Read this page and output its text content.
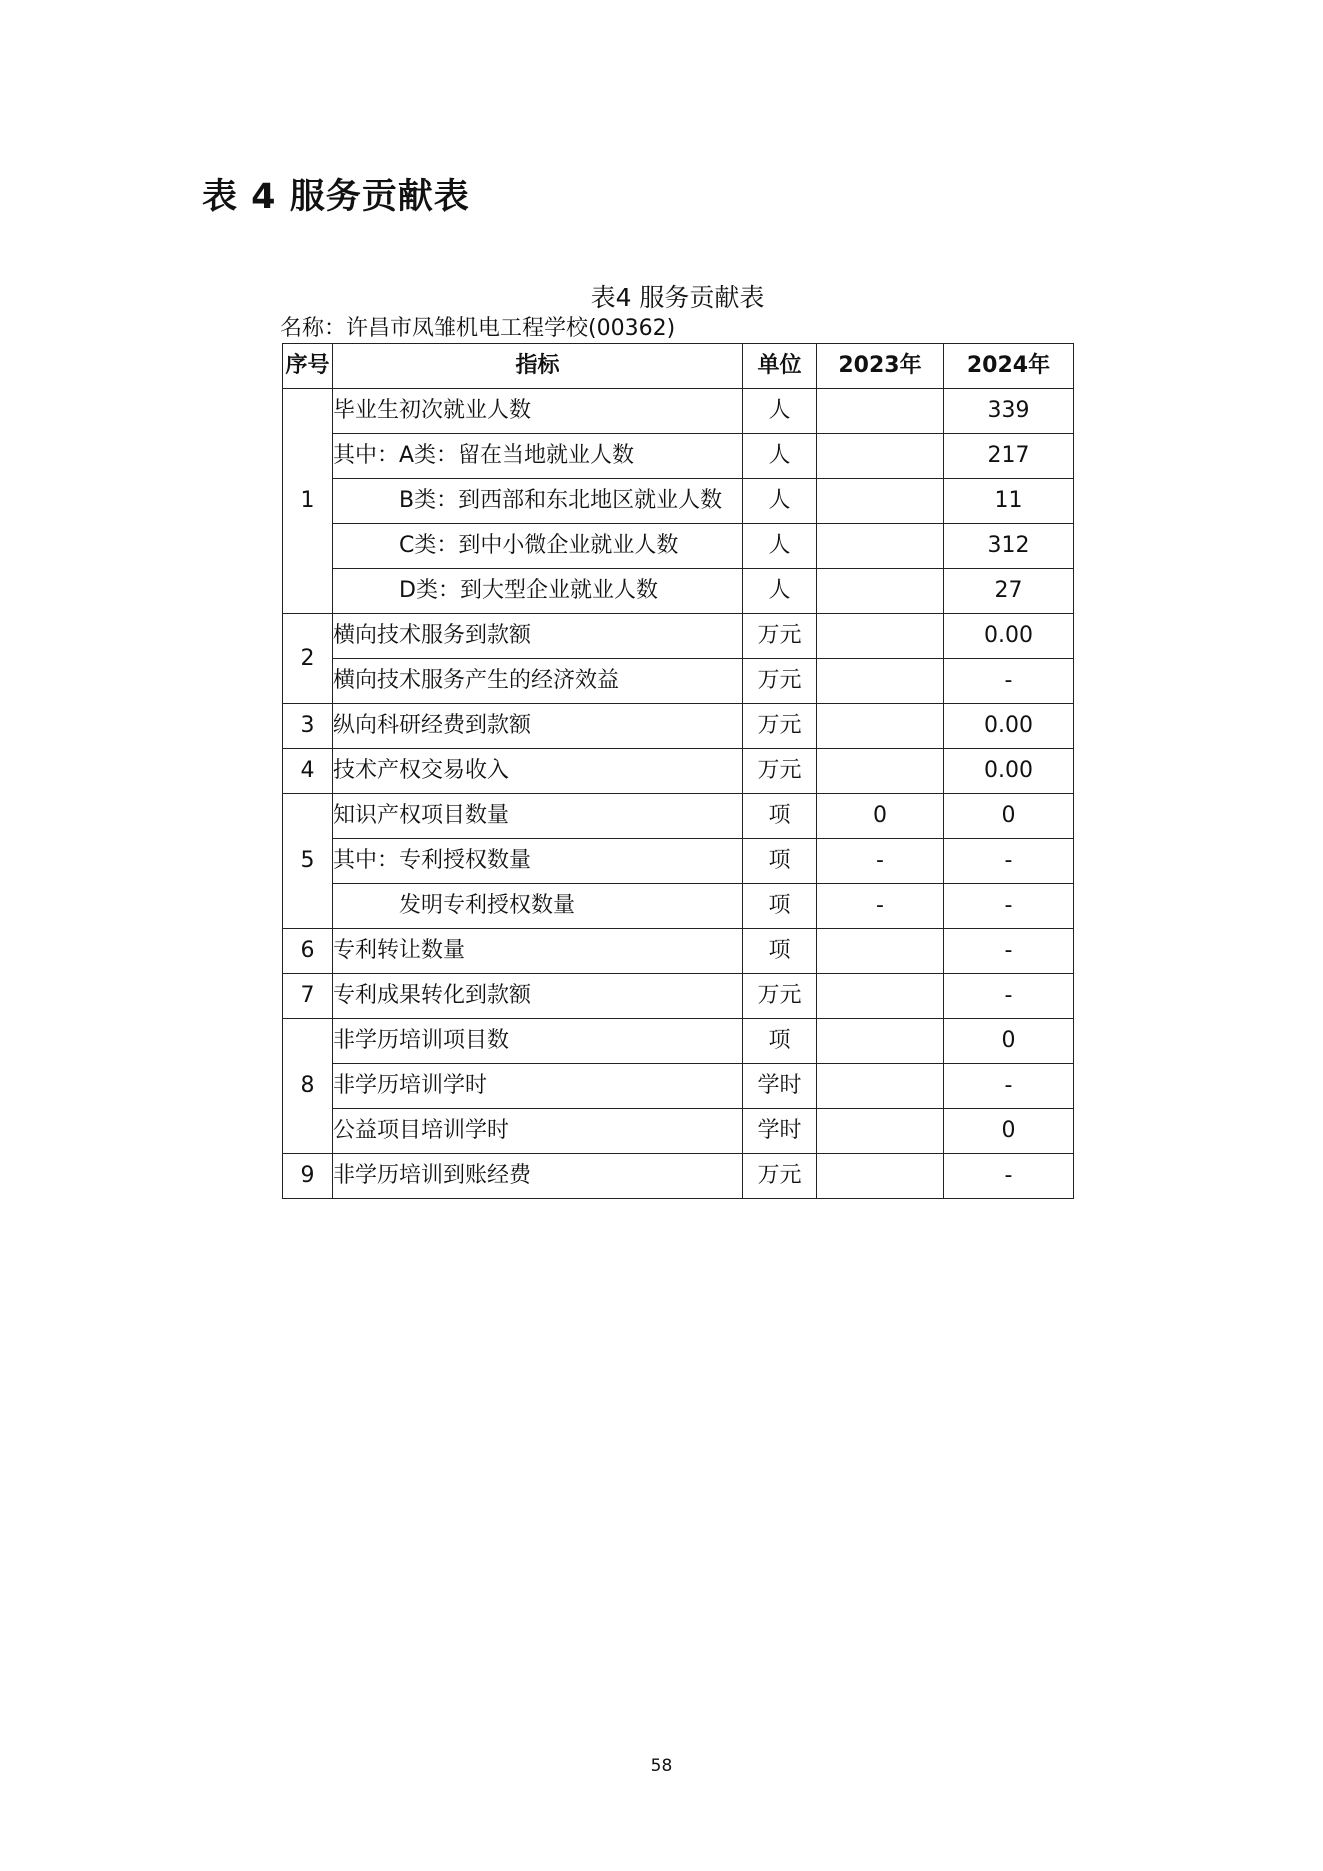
表 4 服务贡献表
表4 服务贡献表
名称：许昌市凤雏机电工程学校(00362)
序号	指标	单位	2023年	2024年
1	毕业生初次就业人数	人		339
	其中：A类：留在当地就业人数	人		217
	B类：到西部和东北地区就业人数	人		11
	C类：到中小微企业就业人数	人		312
	D类：到大型企业就业人数	人		27
2	横向技术服务到款额	万元		0.00
	横向技术服务产生的经济效益	万元		-
3	纵向科研经费到款额	万元		0.00
4	技术产权交易收入	万元		0.00
5	知识产权项目数量	项	0	0
	其中：专利授权数量	项	-	-
	发明专利授权数量	项	-	-
6	专利转让数量	项		-
7	专利成果转化到款额	万元		-
8	非学历培训项目数	项		0
	非学历培训学时	学时		-
	公益项目培训学时	学时		0
9	非学历培训到账经费	万元		-
58
